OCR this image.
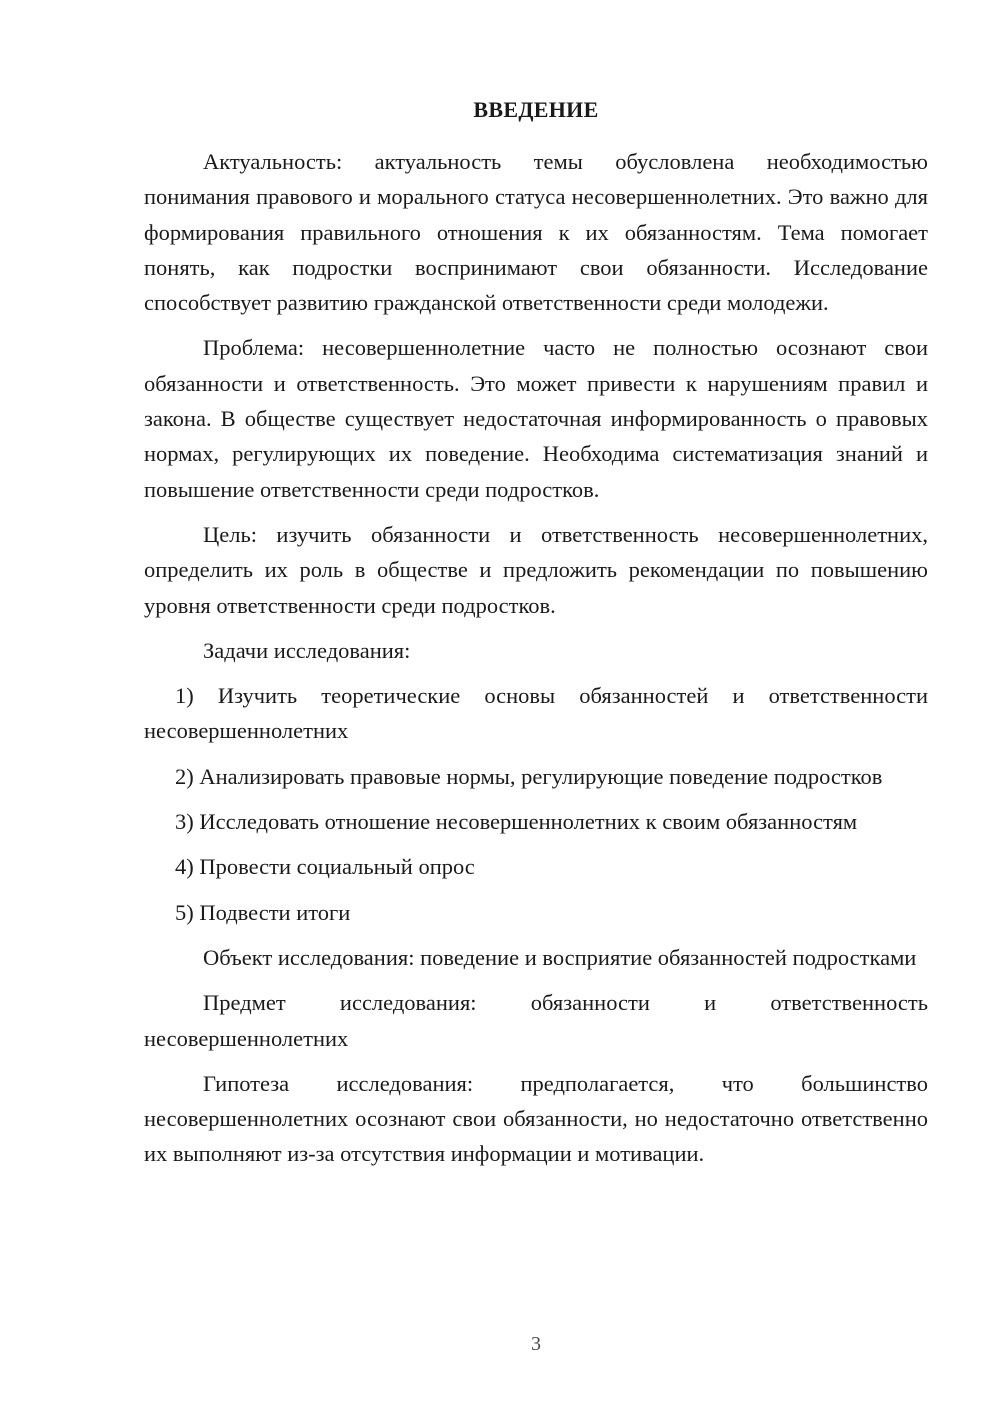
ВВЕДЕНИЕ

Актуальность: актуальность темы обусловлена необходимостью понимания правового и морального статуса несовершеннолетних. Это важно для формирования правильного отношения к их обязанностям. Тема помогает понять, как подростки воспринимают свои обязанности. Исследование способствует развитию гражданской ответственности среди молодежи.

Проблема: несовершеннолетние часто не полностью осознают свои обязанности и ответственность. Это может привести к нарушениям правил и закона. В обществе существует недостаточная информированность о правовых нормах, регулирующих их поведение. Необходима систематизация знаний и повышение ответственности среди подростков.

Цель: изучить обязанности и ответственность несовершеннолетних, определить их роль в обществе и предложить рекомендации по повышению уровня ответственности среди подростков.

Задачи исследования:

1) Изучить теоретические основы обязанностей и ответственности несовершеннолетних

2) Анализировать правовые нормы, регулирующие поведение подростков

3) Исследовать отношение несовершеннолетних к своим обязанностям

4) Провести социальный опрос

5) Подвести итоги

Объект исследования: поведение и восприятие обязанностей подростками

Предмет исследования: обязанности и ответственность несовершеннолетних

Гипотеза исследования: предполагается, что большинство несовершеннолетних осознают свои обязанности, но недостаточно ответственно их выполняют из-за отсутствия информации и мотивации.

3
